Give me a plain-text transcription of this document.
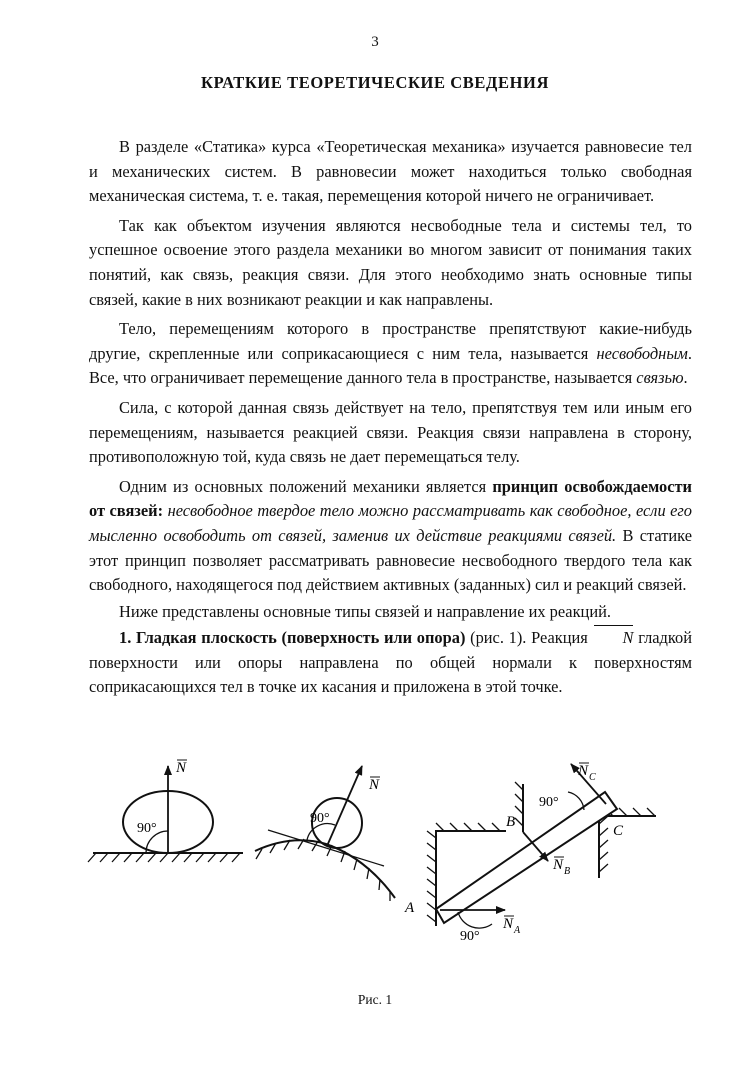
3
КРАТКИЕ ТЕОРЕТИЧЕСКИЕ СВЕДЕНИЯ

В разделе «Статика» курса «Теоретическая механика» изучается равновесие тел и механических систем. В равновесии может находиться только свободная механическая система, т. е. такая, перемещения которой ничего не ограничивает.

Так как объектом изучения являются несвободные тела и системы тел, то успешное освоение этого раздела механики во многом зависит от понимания таких понятий, как связь, реакция связи. Для этого необходимо знать основные типы связей, какие в них возникают реакции и как направлены.

Тело, перемещениям которого в пространстве препятствуют какие-нибудь другие, скрепленные или соприкасающиеся с ним тела, называется несвободным. Все, что ограничивает перемещение данного тела в пространстве, называется связью.

Сила, с которой данная связь действует на тело, препятствуя тем или иным его перемещениям, называется реакцией связи. Реакция связи направлена в сторону, противоположную той, куда связь не дает перемещаться телу.

Одним из основных положений механики является принцип освобождаемости от связей: несвободное твердое тело можно рассматривать как свободное, если его мысленно освободить от связей, заменив их действие реакциями связей. В статике этот принцип позволяет рассматривать равновесие несвободного твердого тела как свободного, находящегося под действием активных (заданных) сил и реакций связей.

Ниже представлены основные типы связей и направление их реакций.

1. Гладкая плоскость (поверхность или опора) (рис. 1). Реакция N гладкой поверхности или опоры направлена по общей нормали к поверхностям соприкасающихся тел в точке их касания и приложена в этой точке.

90°
N
90°
N
90°
90°
N C
N B
N A
A
B
C
Рис. 1
